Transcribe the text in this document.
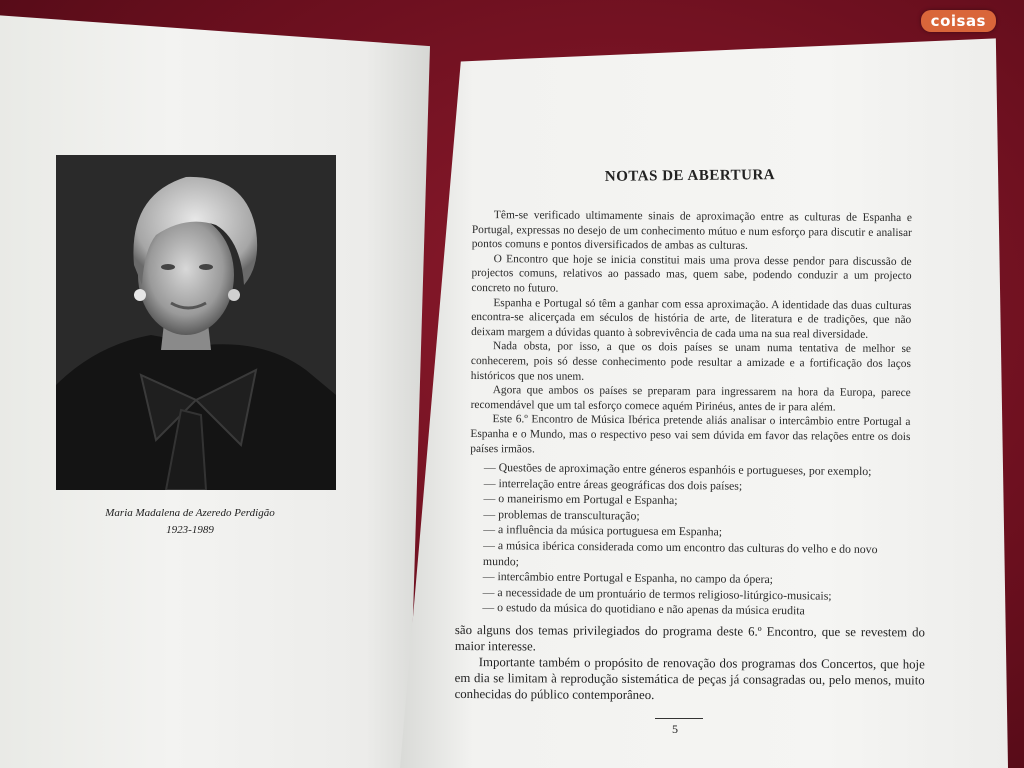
coisas
Maria Madalena de Azeredo Perdigão
1923-1989
NOTAS DE ABERTURA

Têm-se verificado ultimamente sinais de aproximação entre as culturas de Espanha e Portugal, expressas no desejo de um conhecimento mútuo e num esforço para discutir e analisar pontos comuns e pontos diversificados de ambas as culturas.

O Encontro que hoje se inicia constitui mais uma prova desse pendor para discussão de projectos comuns, relativos ao passado mas, quem sabe, podendo conduzir a um projecto concreto no futuro.

Espanha e Portugal só têm a ganhar com essa aproximação. A identidade das duas culturas encontra-se alicerçada em séculos de história de arte, de literatura e de tradições, que não deixam margem a dúvidas quanto à sobrevivência de cada uma na sua real diversidade.

Nada obsta, por isso, a que os dois países se unam numa tentativa de melhor se conhecerem, pois só desse conhecimento pode resultar a amizade e a fortificação dos laços históricos que nos unem.

Agora que ambos os países se preparam para ingressarem na hora da Europa, parece recomendável que um tal esforço comece aquém Pirinéus, antes de ir para além.

Este 6.º Encontro de Música Ibérica pretende aliás analisar o intercâmbio entre Portugal a Espanha e o Mundo, mas o respectivo peso vai sem dúvida em favor das relações entre os dois países irmãos.

— Questões de aproximação entre géneros espanhóis e portugueses, por exemplo;
— interrelação entre áreas geográficas dos dois países;
— o maneirismo em Portugal e Espanha;
— problemas de transculturação;
— a influência da música portuguesa em Espanha;
— a música ibérica considerada como um encontro das culturas do velho e do novo mundo;
— intercâmbio entre Portugal e Espanha, no campo da ópera;
— a necessidade de um prontuário de termos religioso-litúrgico-musicais;
— o estudo da música do quotidiano e não apenas da música erudita

são alguns dos temas privilegiados do programa deste 6.º Encontro, que se revestem do maior interesse.

Importante também o propósito de renovação dos programas dos Concertos, que hoje em dia se limitam à reprodução sistemática de peças já consagradas ou, pelo menos, muito conhecidas do público contemporâneo.

5
